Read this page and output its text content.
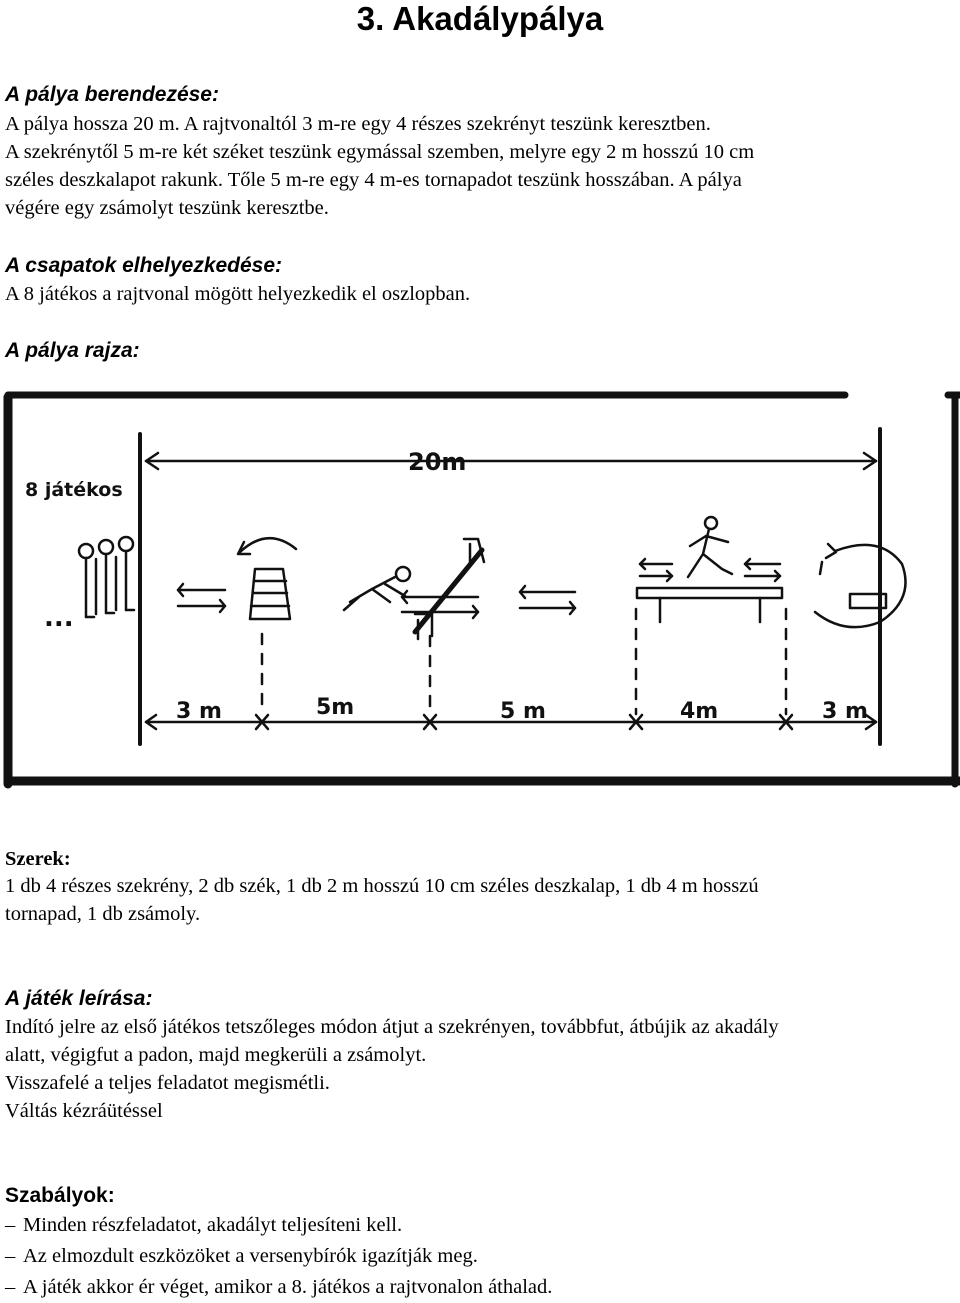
3. Akadálypálya
A pálya berendezése:
A pálya hossza 20 m. A rajtvonaltól 3 m-re egy 4 részes szekrényt teszünk keresztben.
A szekrénytől 5 m-re két széket teszünk egymással szemben, melyre egy 2 m hosszú 10 cm
széles deszkalapot rakunk. Tőle 5 m-re egy 4 m-es tornapadot teszünk hosszában. A pálya
végére egy zsámolyt teszünk keresztbe.
A csapatok elhelyezkedése:
A 8 játékos a rajtvonal mögött helyezkedik el oszlopban.
A pálya rajza:
20m
8 játékos
...
3 m	5m	5 m	4m	3 m
Szerek:
1 db 4 részes szekrény, 2 db szék, 1 db 2 m hosszú 10 cm széles deszkalap, 1 db 4 m hosszú
tornapad, 1 db zsámoly.
A játék leírása:
Indító jelre az első játékos tetszőleges módon átjut a szekrényen, továbbfut, átbújik az akadály
alatt, végigfut a padon, majd megkerüli a zsámolyt.
Visszafelé a teljes feladatot megismétli.
Váltás kézráütéssel
Szabályok:
– Minden részfeladatot, akadályt teljesíteni kell.
– Az elmozdult eszközöket a versenybírók igazítják meg.
– A játék akkor ér véget, amikor a 8. játékos a rajtvonalon áthalad.
